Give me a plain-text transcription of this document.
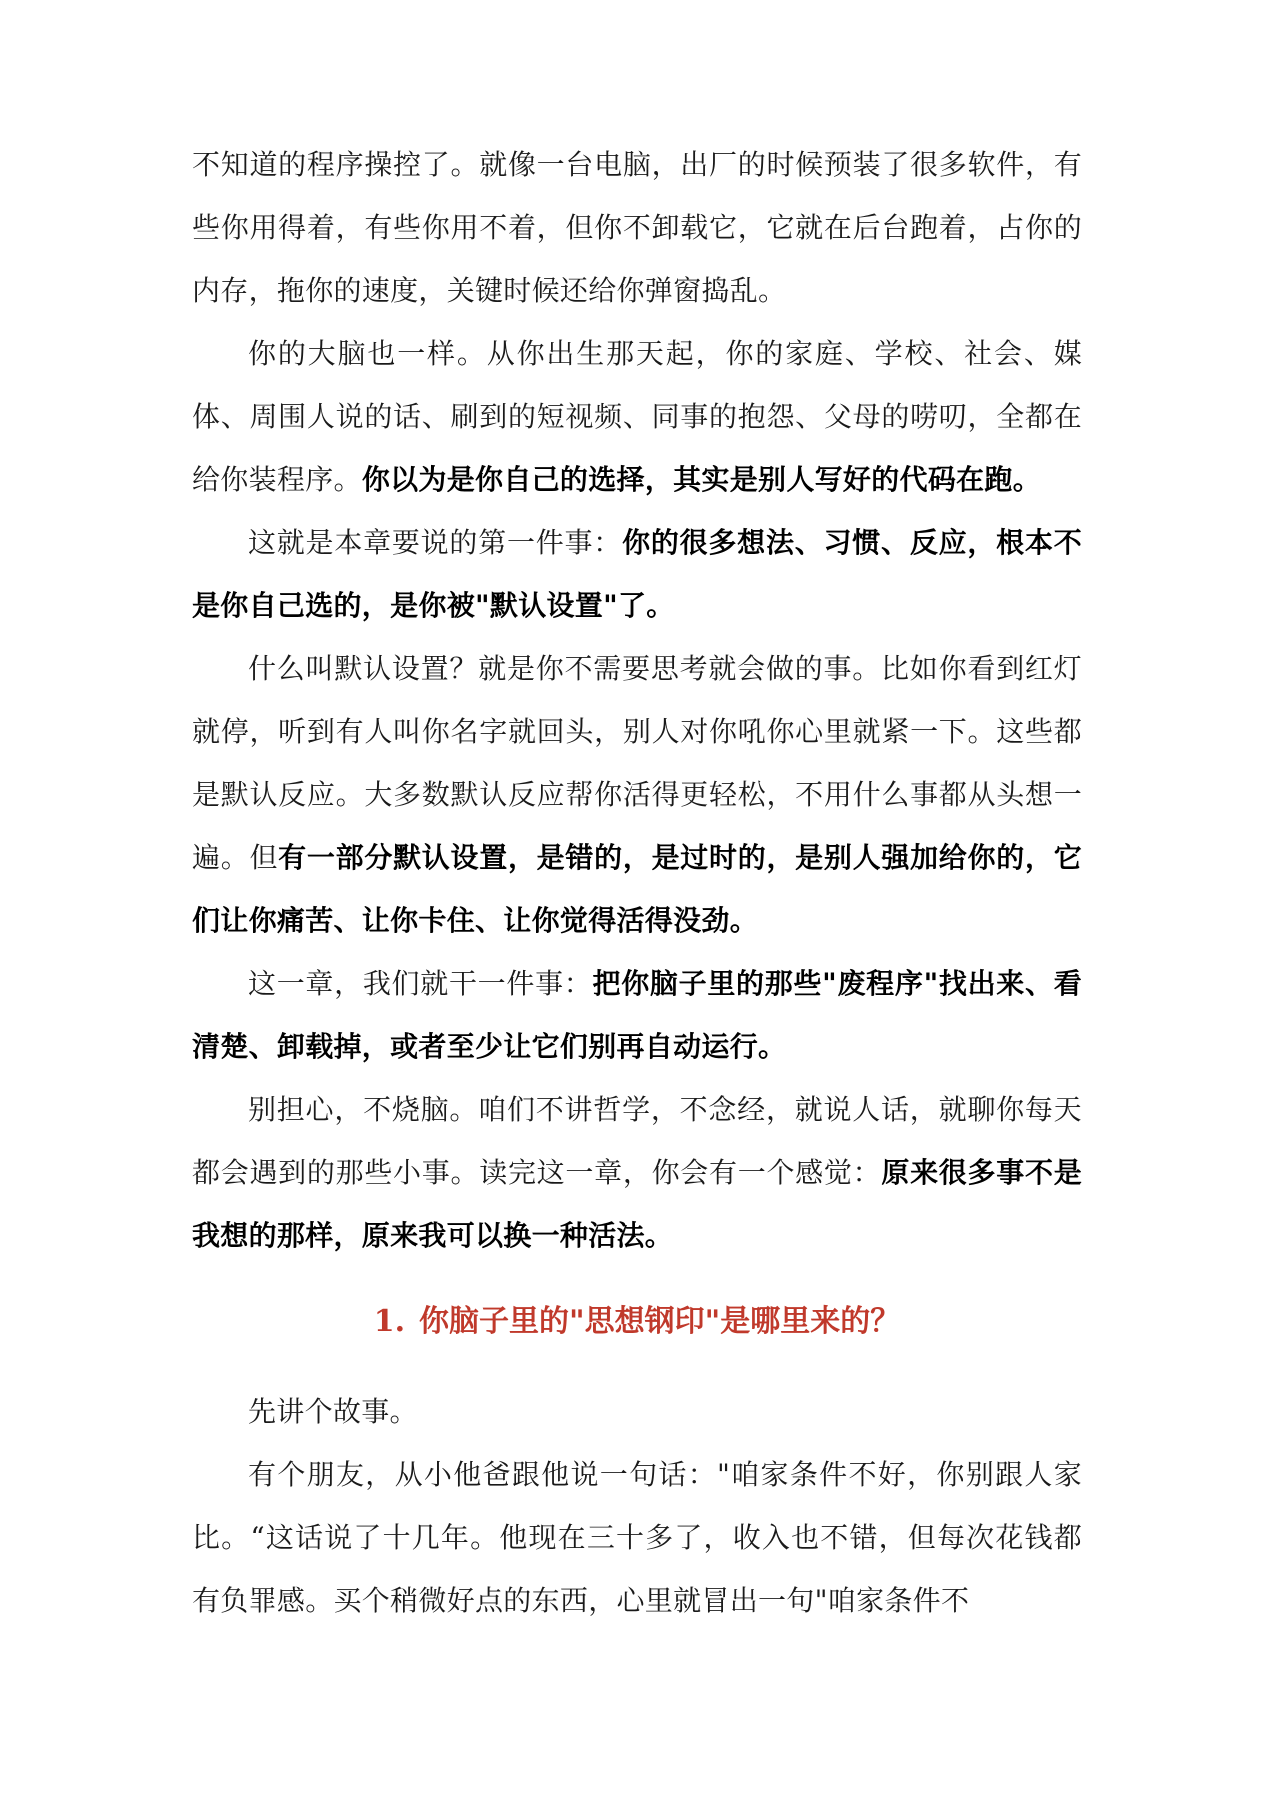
不知道的程序操控了。就像一台电脑，出厂的时候预装了很多软件，有些你用得着，有些你用不着，但你不卸载它，它就在后台跑着，占你的内存，拖你的速度，关键时候还给你弹窗捣乱。

你的大脑也一样。从你出生那天起，你的家庭、学校、社会、媒体、周围人说的话、刷到的短视频、同事的抱怨、父母的唠叨，全都在给你装程序。你以为是你自己的选择，其实是别人写好的代码在跑。

这就是本章要说的第一件事：你的很多想法、习惯、反应，根本不是你自己选的，是你被"默认设置"了。

什么叫默认设置？就是你不需要思考就会做的事。比如你看到红灯就停，听到有人叫你名字就回头，别人对你吼你心里就紧一下。这些都是默认反应。大多数默认反应帮你活得更轻松，不用什么事都从头想一遍。但有一部分默认设置，是错的，是过时的，是别人强加给你的，它们让你痛苦、让你卡住、让你觉得活得没劲。

这一章，我们就干一件事：把你脑子里的那些"废程序"找出来、看清楚、卸载掉，或者至少让它们别再自动运行。

别担心，不烧脑。咱们不讲哲学，不念经，就说人话，就聊你每天都会遇到的那些小事。读完这一章，你会有一个感觉：原来很多事不是我想的那样，原来我可以换一种活法。

1. 你脑子里的"思想钢印"是哪里来的？

先讲个故事。

有个朋友，从小他爸跟他说一句话："咱家条件不好，你别跟人家比。“这话说了十几年。他现在三十多了，收入也不错，但每次花钱都有负罪感。买个稍微好点的东西，心里就冒出一句"咱家条件不
